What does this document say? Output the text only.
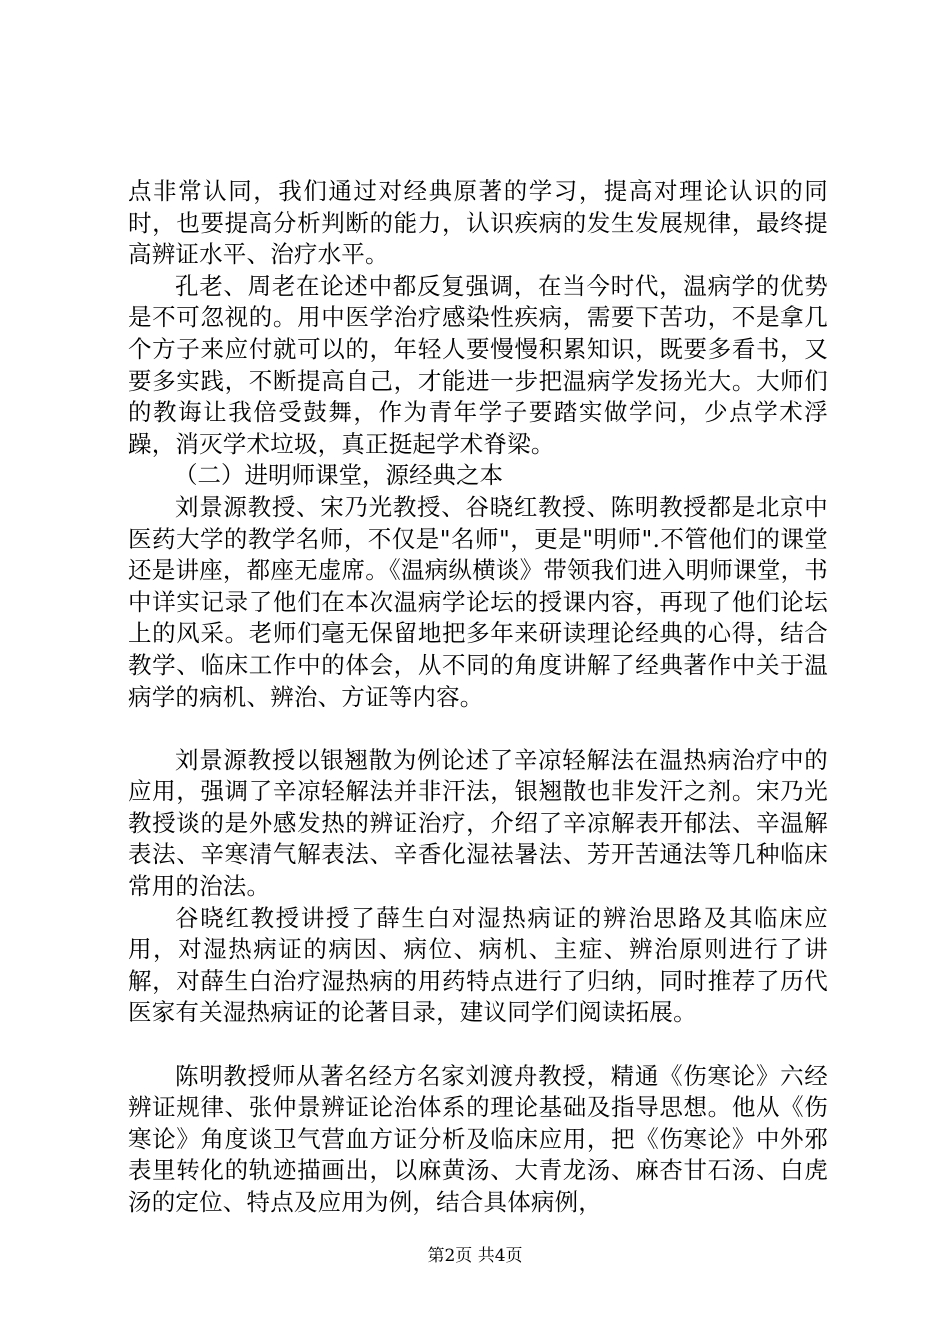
点非常认同，我们通过对经典原著的学习，提高对理论认识的同时，也要提高分析判断的能力，认识疾病的发生发展规律，最终提高辨证水平、治疗水平。

孔老、周老在论述中都反复强调，在当今时代，温病学的优势是不可忽视的。用中医学治疗感染性疾病，需要下苦功，不是拿几个方子来应付就可以的，年轻人要慢慢积累知识，既要多看书，又要多实践，不断提高自己，才能进一步把温病学发扬光大。大师们的教诲让我倍受鼓舞，作为青年学子要踏实做学问，少点学术浮躁，消灭学术垃圾，真正挺起学术脊梁。

（二）进明师课堂，源经典之本

刘景源教授、宋乃光教授、谷晓红教授、陈明教授都是北京中医药大学的教学名师，不仅是"名师"，更是"明师".不管他们的课堂还是讲座，都座无虚席。《温病纵横谈》带领我们进入明师课堂，书中详实记录了他们在本次温病学论坛的授课内容，再现了他们论坛上的风采。老师们毫无保留地把多年来研读理论经典的心得，结合教学、临床工作中的体会，从不同的角度讲解了经典著作中关于温病学的病机、辨治、方证等内容。

刘景源教授以银翘散为例论述了辛凉轻解法在温热病治疗中的应用，强调了辛凉轻解法并非汗法，银翘散也非发汗之剂。宋乃光教授谈的是外感发热的辨证治疗，介绍了辛凉解表开郁法、辛温解表法、辛寒清气解表法、辛香化湿祛暑法、芳开苦通法等几种临床常用的治法。

谷晓红教授讲授了薛生白对湿热病证的辨治思路及其临床应用，对湿热病证的病因、病位、病机、主症、辨治原则进行了讲解，对薛生白治疗湿热病的用药特点进行了归纳，同时推荐了历代医家有关湿热病证的论著目录，建议同学们阅读拓展。

陈明教授师从著名经方名家刘渡舟教授，精通《伤寒论》六经辨证规律、张仲景辨证论治体系的理论基础及指导思想。他从《伤寒论》角度谈卫气营血方证分析及临床应用，把《伤寒论》中外邪表里转化的轨迹描画出，以麻黄汤、大青龙汤、麻杏甘石汤、白虎汤的定位、特点及应用为例，结合具体病例，

第2页 共4页
